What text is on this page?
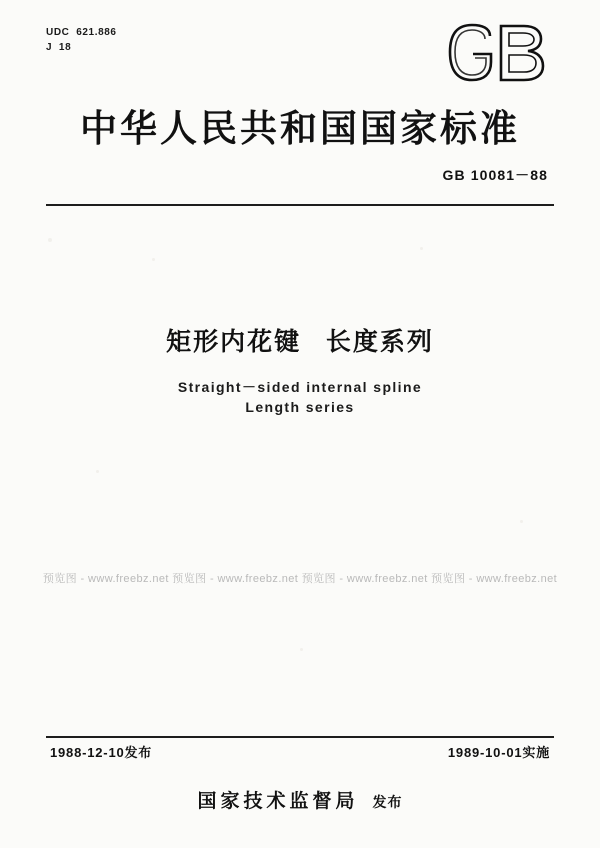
UDC  621.886
J  18
中华人民共和国国家标准
GB 10081－88
矩形内花键   长度系列
Straight－sided internal spline
Length series
预览图 - www.freebz.net 预览图 - www.freebz.net 预览图 - www.freebz.net 预览图 - www.freebz.net
1988-12-10发布	1989-10-01实施
国家技术监督局 发布
